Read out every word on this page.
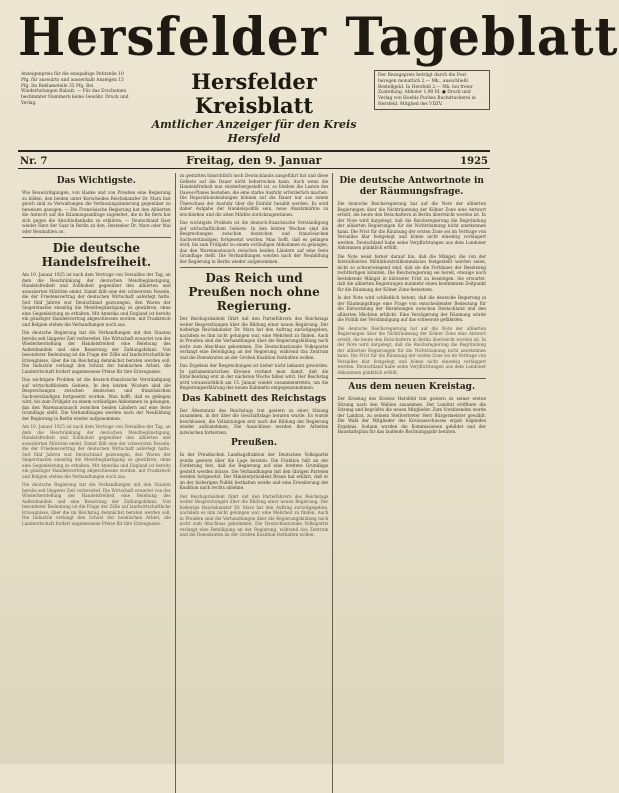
Hersfelder Tageblatt
Anzeigenpreis für die einspaltige Petitzeile 10 Pfg. für auswärts und ausserhalb Anzeigen 15 Pfg. Im Reklameteile 35 Pfg. Bei Wiederholungen Rabatt. — Für das Erscheinen bestimmter Nummern keine Gewähr. Druck und Verlag.
Hersfelder Kreisblatt
Amtlicher Anzeiger für den Kreis Hersfeld
Der Bezugspreis beträgt durch die Post bezogen monatlich 2.— Mk., ausschließl. Bestellgeld. In Hersfeld 2.— Mk. bei freier Zustellung. Abholer 1,90 M. ● Druck und Verlag von Hoehls Puches Buchdruckerei in Hersfeld. Mitglied des VDZV.
Nr. 7	Freitag, den 9. Januar	1925
Das Wichtigste.

Wie Reuwürdigungen, von Hanke und von Preußen eine Regierung zu bilden, den beiden unter Kerscheides Reichskanzler Dr. Marx fast gleich sind zu Verwaltungen die Verfassungsänderung gegenüber zu beweisen gezogen. — Die Französische Regierung hat den Alliierten die Antwort auf die Räumungsanfrage zugeleitet, die in Be Bern hat sich gegen die Abschlußanbahn zu erklären. — Deutschland lässt wieder Herz der Saar in Berlin zu den. Dezember Dr. Marx oder Mai oder Reumahlen an.

Die deutsche Handelsfreiheit.

Am 10. Januar 1925 ist nach dem Vertrage von Versailles der Tag, an dem die Beschränkung der deutschen Meistbegünstigung, Handelsfreiheit und Zollhoheit gegenüber den alliierten und assoziierten Mächten endet. Damit fällt eine der schwersten Fesseln, die der Friedensvertrag der deutschen Wirtschaft auferlegt hatte. Seit fünf Jahren war Deutschland gezwungen, den Waren der Siegerstaaten einseitig die Meistbegünstigung zu gewähren, ohne eine Gegenleistung zu erhalten. Mit Amerika und England ist bereits ein günstiger Handelsvertrag abgeschlossen worden, mit Frankreich und Belgien stehen die Verhandlungen noch aus.

Die deutsche Regierung hat die Verhandlungen mit den Staaten bereits seit längerer Zeit vorbereitet. Die Wirtschaft erwartet von der Wiederherstellung der Handelsfreiheit eine Belebung des Außenhandels und eine Besserung der Zahlungsbilanz. Von besonderer Bedeutung ist die Frage der Zölle auf landwirtschaftliche Erzeugnisse, über die im Reichstag demnächst beraten werden soll. Die Industrie verlangt den Schutz der heimischen Arbeit, die Landwirtschaft fordert angemessene Preise für ihre Erzeugnisse.

Das wichtigste Problem ist die deutsch-französische Verständigung auf wirtschaftlichem Gebiete. In den letzten Wochen sind die Besprechungen zwischen deutschen und französischen Sachverständigen fortgesetzt worden. Man hofft, daß es gelingen wird, bis zum Frühjahr zu einem vorläufigen Abkommen zu gelangen, das den Warenaustausch zwischen beiden Ländern auf eine feste Grundlage stellt. Die Verhandlungen werden nach der Neubildung der Regierung in Berlin wieder aufgenommen.

Am 10. Januar 1925 ist nach dem Vertrage von Versailles der Tag, an dem die Beschränkung der deutschen Meistbegünstigung, Handelsfreiheit und Zollhoheit gegenüber den alliierten und assoziierten Mächten endet. Damit fällt eine der schwersten Fesseln, die der Friedensvertrag der deutschen Wirtschaft auferlegt hatte. Seit fünf Jahren war Deutschland gezwungen, den Waren der Siegerstaaten einseitig die Meistbegünstigung zu gewähren, ohne eine Gegenleistung zu erhalten. Mit Amerika und England ist bereits ein günstiger Handelsvertrag abgeschlossen worden, mit Frankreich und Belgien stehen die Verhandlungen noch aus.

Die deutsche Regierung hat die Verhandlungen mit den Staaten bereits seit längerer Zeit vorbereitet. Die Wirtschaft erwartet von der Wiederherstellung der Handelsfreiheit eine Belebung des Außenhandels und eine Besserung der Zahlungsbilanz. Von besonderer Bedeutung ist die Frage der Zölle auf landwirtschaftliche Erzeugnisse, über die im Reichstag demnächst beraten werden soll. Die Industrie verlangt den Schutz der heimischen Arbeit, die Landwirtschaft fordert angemessene Preise für ihre Erzeugnisse.

zu gestatten hinsichtlich noch Deutschlands ausgeführt hat und diese Gebiete auf die Dauer nicht beherrschen kann. Auch wenn die Handelsfreiheit nun wiederhergestellt ist, so bleiben die Lasten des Dawes-Planes bestehen, die eine starke Ausfuhr erforderlich machen. Die Reparationsleistungen können auf die Dauer nur aus einem Überschuss der Ausfuhr über die Einfuhr bezahlt werden. Es wird daher Aufgabe der Handelspolitik sein, neue Absatzmärkte zu erschließen und die alten Märkte zurückzugewinnen.

Das wichtigste Problem ist die deutsch-französische Verständigung auf wirtschaftlichem Gebiete. In den letzten Wochen sind die Besprechungen zwischen deutschen und französischen Sachverständigen fortgesetzt worden. Man hofft, daß es gelingen wird, bis zum Frühjahr zu einem vorläufigen Abkommen zu gelangen, das den Warenaustausch zwischen beiden Ländern auf eine feste Grundlage stellt. Die Verhandlungen werden nach der Neubildung der Regierung in Berlin wieder aufgenommen.

Das Reich und Preußen noch ohne Regierung.

Der Reichspräsident führt mit den Parteiführern des Reichstags weiter Besprechungen über die Bildung einer neuen Regierung. Der bisherige Reichskanzler Dr. Marx hat den Auftrag zurückgegeben, nachdem es ihm nicht gelungen war, eine Mehrheit zu finden. Auch in Preußen sind die Verhandlungen über die Regierungsbildung noch nicht zum Abschluss gekommen. Die Deutschnationale Volkspartei verlangt eine Beteiligung an der Regierung, während das Zentrum und die Demokraten an der Großen Koalition festhalten wollen.

Das Ergebnis der Besprechungen ist bisher nicht bekannt geworden. In parlamentarischen Kreisen rechnet man damit, daß die Entscheidung erst in der nächsten Woche fallen wird. Der Reichstag wird voraussichtlich am 15. Januar wieder zusammentreten, um die Regierungserklärung des neuen Kabinetts entgegenzunehmen.

Das Kabinett des Reichstags

Der Ältestenrat des Reichstags trat gestern zu einer Sitzung zusammen, in der über die Geschäftslage beraten wurde. Es wurde beschlossen, die Vollsitzungen erst nach der Bildung der Regierung wieder aufzunehmen. Die Ausschüsse werden ihre Arbeiten inzwischen fortsetzen.

Preußen.

In der Preußischen Landtagsfraktion der Deutschen Volkspartei wurde gestern über die Lage beraten. Die Fraktion hält an der Forderung fest, daß die Regierung auf eine breitere Grundlage gestellt werden müsse. Die Verhandlungen mit den übrigen Parteien werden fortgesetzt. Der Ministerpräsident Braun hat erklärt, daß er an der bisherigen Politik festhalten werde und eine Erweiterung der Koalition nach rechts ablehne.

Der Reichspräsident führt mit den Parteiführern des Reichstags weiter Besprechungen über die Bildung einer neuen Regierung. Der bisherige Reichskanzler Dr. Marx hat den Auftrag zurückgegeben, nachdem es ihm nicht gelungen war, eine Mehrheit zu finden. Auch in Preußen sind die Verhandlungen über die Regierungsbildung noch nicht zum Abschluss gekommen. Die Deutschnationale Volkspartei verlangt eine Beteiligung an der Regierung, während das Zentrum und die Demokraten an der Großen Koalition festhalten wollen.

Die deutsche Antwortnote in der Räumungsfrage.

Die deutsche Reichsregierung hat auf die Note der alliierten Regierungen über die Nichträumung der Kölner Zone eine Antwort erteilt, die heute den Botschaftern in Berlin überreicht worden ist. In der Note wird dargelegt, daß die Reichsregierung die Begründung der alliierten Regierungen für die Nichträumung nicht anerkennen kann. Die Frist für die Räumung der ersten Zone sei im Vertrage von Versailles klar festgelegt und könne nicht einseitig verlängert werden. Deutschland habe seine Verpflichtungen aus dem Londoner Abkommen pünktlich erfüllt.

Die Note weist ferner darauf hin, daß die Mängel, die von der Interalliierten Militärkontrollkommission festgestellt worden seien, nicht so schwerwiegend sind, daß sie die Fortdauer der Besetzung rechtfertigen könnten. Die Reichsregierung sei bereit, etwaige noch bestehende Mängel in kürzester Frist zu beseitigen. Sie erwartet, daß die alliierten Regierungen nunmehr einen bestimmten Zeitpunkt für die Räumung der Kölner Zone festsetzen.

In der Note wird schließlich betont, daß die deutsche Regierung in der Räumungsfrage eine Frage von entscheidender Bedeutung für die Entwicklung der Beziehungen zwischen Deutschland und den alliierten Mächten erblickt. Eine Verzögerung der Räumung würde die Politik der Verständigung auf das schwerste gefährden.

Die deutsche Reichsregierung hat auf die Note der alliierten Regierungen über die Nichträumung der Kölner Zone eine Antwort erteilt, die heute den Botschaftern in Berlin überreicht worden ist. In der Note wird dargelegt, daß die Reichsregierung die Begründung der alliierten Regierungen für die Nichträumung nicht anerkennen kann. Die Frist für die Räumung der ersten Zone sei im Vertrage von Versailles klar festgelegt und könne nicht einseitig verlängert werden. Deutschland habe seine Verpflichtungen aus dem Londoner Abkommen pünktlich erfüllt.

Aus dem neuen Kreistag.

Der Kreistag des Kreises Hersfeld trat gestern zu seiner ersten Sitzung nach den Wahlen zusammen. Der Landrat eröffnete die Sitzung und begrüßte die neuen Mitglieder. Zum Vorsitzenden wurde der Landrat, zu seinem Stellvertreter Herr Bürgermeister gewählt. Die Wahl der Mitglieder des Kreisausschusses ergab folgendes Ergebnis. Sodann wurden die Kommissionen gebildet und der Haushaltsplan für das laufende Rechnungsjahr beraten.
